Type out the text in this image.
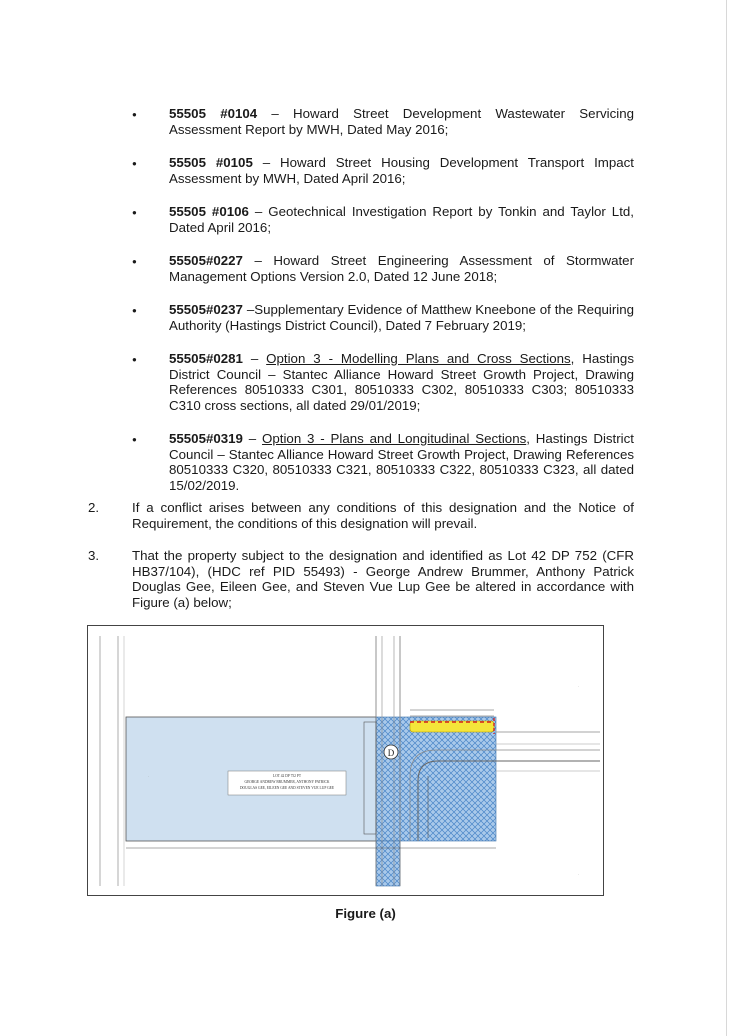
● 55505 #0104 – Howard Street Development Wastewater Servicing Assessment Report by MWH, Dated May 2016;
● 55505 #0105 – Howard Street Housing Development Transport Impact Assessment by MWH, Dated April 2016;
● 55505 #0106 – Geotechnical Investigation Report by Tonkin and Taylor Ltd, Dated April 2016;
● 55505#0227 – Howard Street Engineering Assessment of Stormwater Management Options Version 2.0, Dated 12 June 2018;
● 55505#0237 –Supplementary Evidence of Matthew Kneebone of the Requiring Authority (Hastings District Council), Dated 7 February 2019;
● 55505#0281 – Option 3 - Modelling Plans and Cross Sections, Hastings District Council – Stantec Alliance Howard Street Growth Project, Drawing References 80510333 C301, 80510333 C302, 80510333 C303; 80510333 C310 cross sections, all dated 29/01/2019;
● 55505#0319 – Option 3 - Plans and Longitudinal Sections, Hastings District Council – Stantec Alliance Howard Street Growth Project, Drawing References 80510333 C320, 80510333 C321, 80510333 C322, 80510333 C323, all dated 15/02/2019.
2. If a conflict arises between any conditions of this designation and the Notice of Requirement, the conditions of this designation will prevail.
3. That the property subject to the designation and identified as Lot 42 DP 752 (CFR HB37/104), (HDC ref PID 55493) - George Andrew Brummer, Anthony Patrick Douglas Gee, Eileen Gee, and Steven Vue Lup Gee be altered in accordance with Figure (a) below;
LOT 42 DP 752 PT
GEORGE ANDREW BRUMMER, ANTHONY PATRICK
DOUGLAS GEE, EILEEN GEE AND STEVEN VUE LUP GEE
D
·
·
·
Figure (a)
